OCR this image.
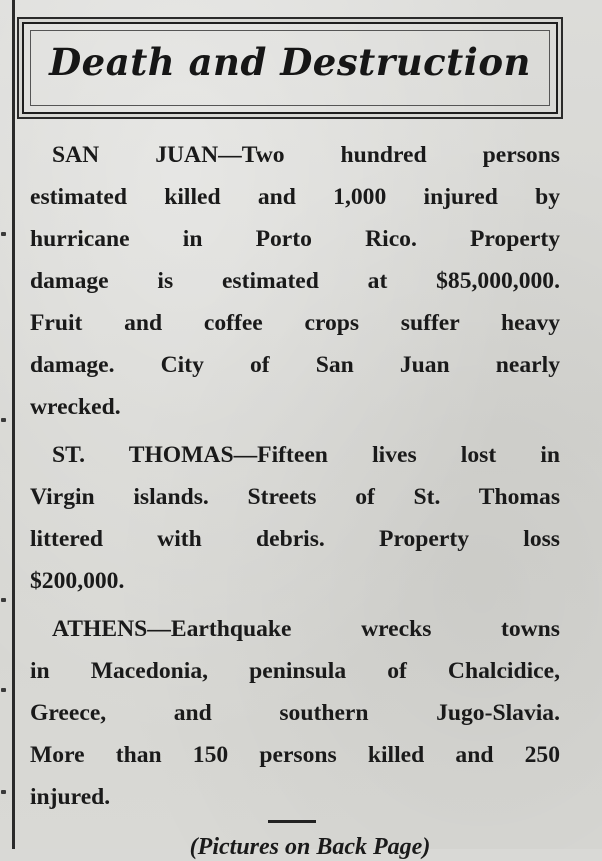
Death and Destruction
SAN JUAN—Two hundred persons
estimated killed and 1,000 injured by
hurricane in Porto Rico. Property
damage is estimated at $85,000,000.
Fruit and coffee crops suffer heavy
damage. City of San Juan nearly
wrecked.
ST. THOMAS—Fifteen lives lost in
Virgin islands. Streets of St. Thomas
littered with debris. Property loss
$200,000.
ATHENS—Earthquake wrecks towns
in Macedonia, peninsula of Chalcidice,
Greece, and southern Jugo-Slavia.
More than 150 persons killed and 250
injured.
(Pictures on Back Page)
